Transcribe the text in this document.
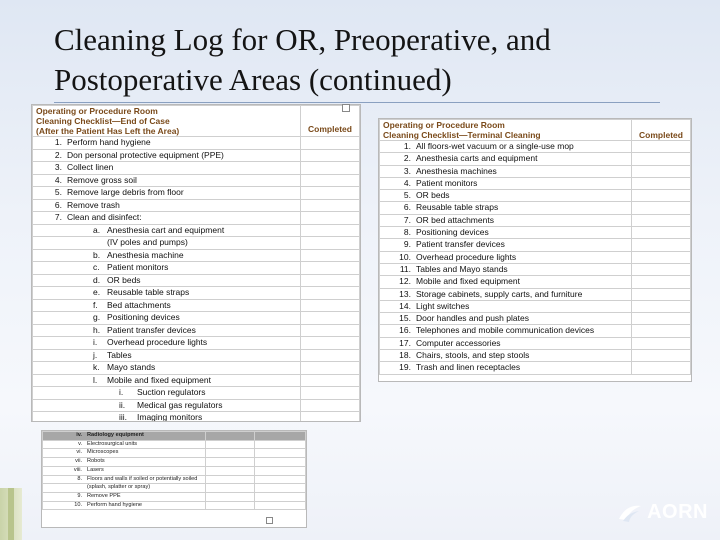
Cleaning Log for OR, Preoperative, and Postoperative Areas (continued)
Operating or Procedure Room
Cleaning Checklist—End of Case
(After the Patient Has Left the Area)		Completed
1.	Perform hand hygiene	

2.	Don personal protective equipment (PPE)	

3.	Collect linen	

4.	Remove gross soil	

5.	Remove large debris from floor	

6.	Remove trash	

7.	Clean and disinfect:	

	a. Anesthesia cart and equipment	

	(IV poles and pumps)	

	b. Anesthesia machine	

	c. Patient monitors	

	d. OR beds	

	e. Reusable table straps	

	f. Bed attachments	

	g. Positioning devices	

	h. Patient transfer devices	

	i. Overhead procedure lights	

	j. Tables	

	k. Mayo stands	

	l. Mobile and fixed equipment	

	i. Suction regulators	

	ii. Medical gas regulators	

	iii. Imaging monitors	

Operating or Procedure Room
Cleaning Checklist—Terminal Cleaning		Completed
1.	All floors-wet vacuum or a single-use mop	
2.	Anesthesia carts and equipment	
3.	Anesthesia machines	
4.	Patient monitors	
5.	OR beds	
6.	Reusable table straps	
7.	OR bed attachments	
8.	Positioning devices	
9.	Patient transfer devices	
10.	Overhead procedure lights	
11.	Tables and Mayo stands	
12.	Mobile and fixed equipment	
13.	Storage cabinets, supply carts, and furniture	
14.	Light switches	
15.	Door handles and push plates	
16.	Telephones and mobile communication devices	
17.	Computer accessories	
18.	Chairs, stools, and step stools	
19.	Trash and linen receptacles	
iv.	Radiology equipment		
v.	Electrosurgical units		
vi.	Microscopes		
vii.	Robots		
viii.	Lasers		
8.	Floors and walls if soiled or potentially soiled		
	(splash, splatter or spray)		
9.	Remove PPE		
10.	Perform hand hygiene			AORN
